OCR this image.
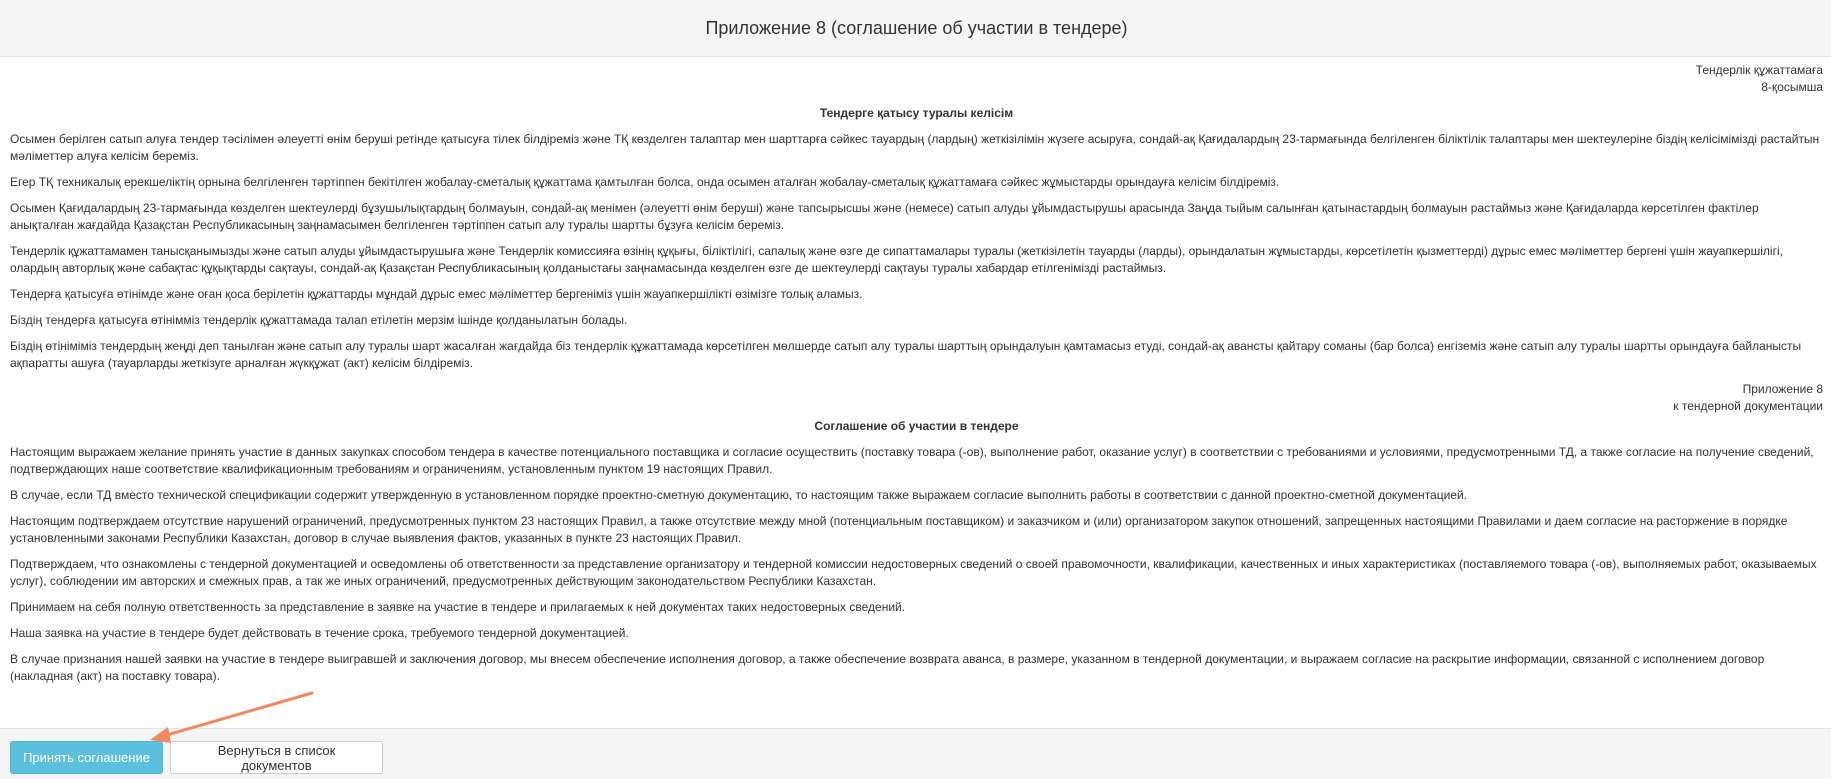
Приложение 8 (соглашение об участии в тендере)
Тендерлік құжаттамаға
8-қосымша
Тендерге қатысу туралы келісім

Осымен берілген сатып алуға тендер тәсілімен әлеуетті өнім беруші ретінде қатысуға тілек білдіреміз және ТҚ көзделген талаптар мен шарттарға сәйкес тауардың (лардың) жеткізілімін жүзеге асыруға, сондай-ақ Қағидалардың 23-тармағында белгіленген біліктілік талаптары мен шектеулеріне біздің келісімімізді растайтын мәліметтер алуға келісім береміз.

Егер ТҚ техникалық ерекшеліктің орнына белгіленген тәртіппен бекітілген жобалау-сметалық құжаттама қамтылған болса, онда осымен аталған жобалау-сметалық құжаттамаға сәйкес жұмыстарды орындауға келісім білдіреміз.

Осымен Қағидалардың 23-тармағында көзделген шектеулерді бұзушылықтардың болмауын, сондай-ақ менімен (әлеуетті өнім беруші) және тапсырысшы және (немесе) сатып алуды ұйымдастырушы арасында Заңда тыйым салынған қатынастардың болмауын растаймыз және Қағидаларда көрсетілген фактілер анықталған жағдайда Қазақстан Республикасының заңнамасымен белгіленген тәртіппен сатып алу туралы шартты бұзуға келісім береміз.

Тендерлік құжаттамамен танысқанымызды және сатып алуды ұйымдастырушыға және Тендерлік комиссияға өзінің құқығы, біліктілігі, сапалық және өзге де сипаттамалары туралы (жеткізілетін тауарды (ларды), орындалатын жұмыстарды, көрсетілетін қызметтерді) дұрыс емес мәліметтер бергені үшін жауапкершілігі, олардың авторлық және сабақтас құқықтарды сақтауы, сондай-ақ Қазақстан Республикасының қолданыстағы заңнамасында көзделген өзге де шектеулерді сақтауы туралы хабардар етілгенімізді растаймыз.

Тендерға қатысуға өтінімде және оған қоса берілетін құжаттарды мұндай дұрыс емес мәліметтер бергеніміз үшін жауапкершілікті өзімізге толық аламыз.

Біздің тендерға қатысуға өтінімміз тендерлік құжаттамада талап етілетін мерзім ішінде қолданылатын болады.

Біздің өтініміміз тендердың жеңді деп танылған және сатып алу туралы шарт жасалған жағдайда біз тендерлік құжаттамада көрсетілген мөлшерде сатып алу туралы шарттың орындалуын қамтамасыз етуді, сондай-ақ авансты қайтару соманы (бар болса) енгіземіз және сатып алу туралы шартты орындауға байланысты ақпаратты ашуға (тауарларды жеткізуге арналған жүкқұжат (акт) келісім білдіреміз.

Приложение 8
к тендерной документации
Соглашение об участии в тендере

Настоящим выражаем желание принять участие в данных закупках способом тендера в качестве потенциального поставщика и согласие осуществить (поставку товара (-ов), выполнение работ, оказание услуг) в соответствии с требованиями и условиями, предусмотренными ТД, а также согласие на получение сведений, подтверждающих наше соответствие квалификационным требованиям и ограничениям, установленным пунктом 19 настоящих Правил.

В случае, если ТД вместо технической спецификации содержит утвержденную в установленном порядке проектно-сметную документацию, то настоящим также выражаем согласие выполнить работы в соответствии с данной проектно-сметной документацией.

Настоящим подтверждаем отсутствие нарушений ограничений, предусмотренных пунктом 23 настоящих Правил, а также отсутствие между мной (потенциальным поставщиком) и заказчиком и (или) организатором закупок отношений, запрещенных настоящими Правилами и даем согласие на расторжение в порядке установленными законами Республики Казахстан, договор в случае выявления фактов, указанных в пункте 23 настоящих Правил.

Подтверждаем, что ознакомлены с тендерной документацией и осведомлены об ответственности за представление организатору и тендерной комиссии недостоверных сведений о своей правомочности, квалификации, качественных и иных характеристиках (поставляемого товара (-ов), выполняемых работ, оказываемых услуг), соблюдении им авторских и смежных прав, а так же иных ограничений, предусмотренных действующим законодательством Республики Казахстан.

Принимаем на себя полную ответственность за представление в заявке на участие в тендере и прилагаемых к ней документах таких недостоверных сведений.

Наша заявка на участие в тендере будет действовать в течение срока, требуемого тендерной документацией.

В случае признания нашей заявки на участие в тендере выигравшей и заключения договор, мы внесем обеспечение исполнения договор, а также обеспечение возврата аванса, в размере, указанном в тендерной документации, и выражаем согласие на раскрытие информации, связанной с исполнением договор (накладная (акт) на поставку товара).

Принять соглашение	Вернуться в список документов
